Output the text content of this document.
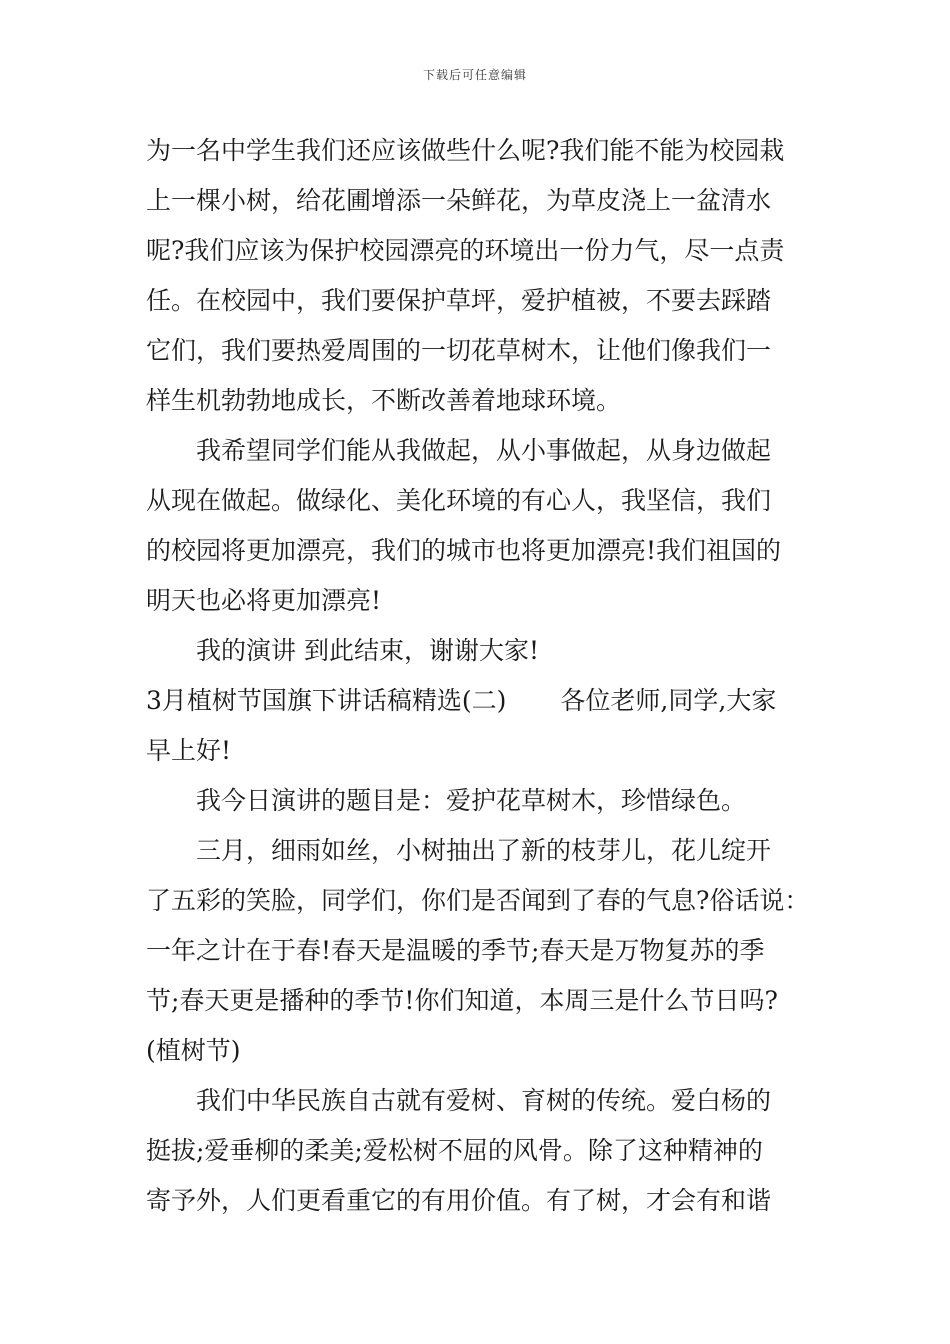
下载后可任意编辑
为一名中学生我们还应该做些什么呢?我们能不能为校园栽
上一棵小树，给花圃增添一朵鲜花，为草皮浇上一盆清水
呢?我们应该为保护校园漂亮的环境出一份力气，尽一点责
任。在校园中，我们要保护草坪，爱护植被，不要去踩踏
它们，我们要热爱周围的一切花草树木，让他们像我们一
样生机勃勃地成长，不断改善着地球环境。
我希望同学们能从我做起，从小事做起，从身边做起
从现在做起。做绿化、美化环境的有心人，我坚信，我们
的校园将更加漂亮，我们的城市也将更加漂亮!我们祖国的
明天也必将更加漂亮!
我的演讲 到此结束，谢谢大家!
3月植树节国旗下讲话稿精选(二) 各位老师,同学,大家
早上好!
我今日演讲的题目是：爱护花草树木，珍惜绿色。
三月，细雨如丝，小树抽出了新的枝芽儿，花儿绽开
了五彩的笑脸，同学们，你们是否闻到了春的气息?俗话说：
一年之计在于春!春天是温暖的季节;春天是万物复苏的季
节;春天更是播种的季节!你们知道，本周三是什么节日吗?
(植树节)
我们中华民族自古就有爱树、育树的传统。爱白杨的
挺拔;爱垂柳的柔美;爱松树不屈的风骨。除了这种精神的
寄予外，人们更看重它的有用价值。有了树，才会有和谐
